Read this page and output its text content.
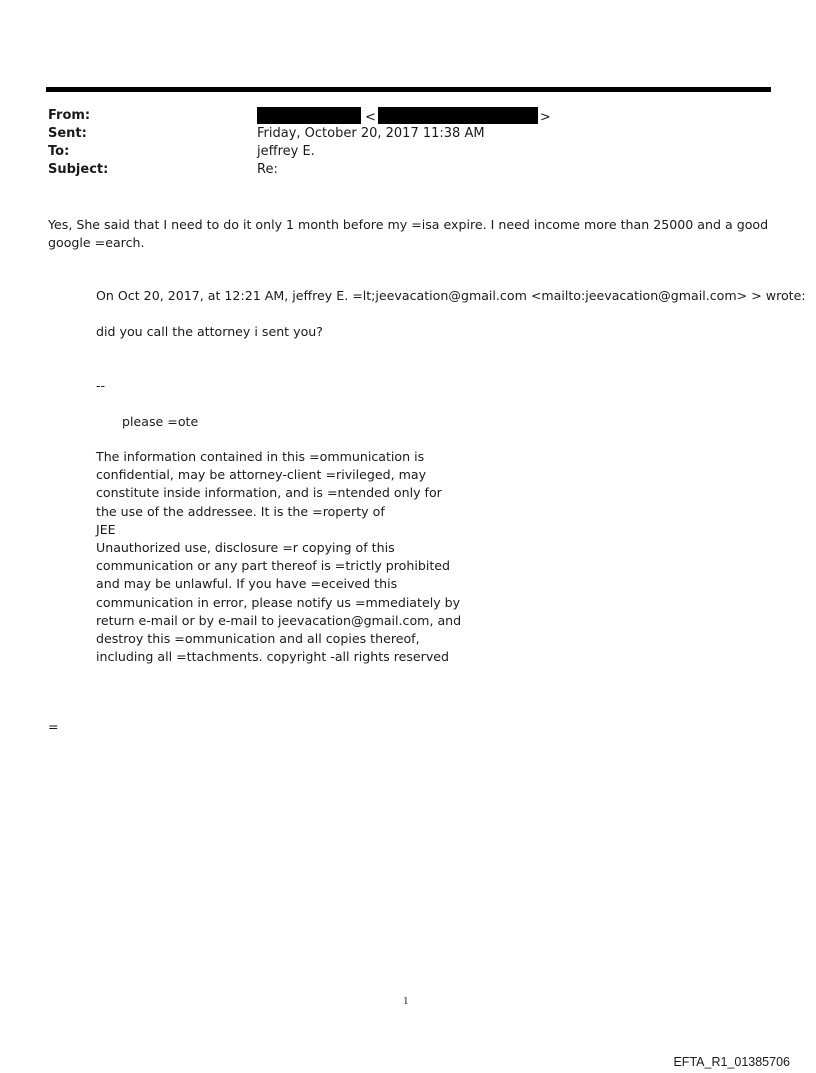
From:	<	>
Sent:	Friday, October 20, 2017 11:38 AM
To:	jeffrey E.
Subject:	Re:
Yes, She said that I need to do it only 1 month before my =isa expire. I need income more than 25000 and a good google =earch.
On Oct 20, 2017, at 12:21 AM, jeffrey E. =lt;jeevacation@gmail.com <mailto:jeevacation@gmail.com> > wrote:
did you call the attorney i sent you?
--
please =ote
The information contained in this =ommunication is
confidential, may be attorney-client =rivileged, may
constitute inside information, and is =ntended only for
the use of the addressee. It is the =roperty of
JEE
Unauthorized use, disclosure =r copying of this
communication or any part thereof is =trictly prohibited
and may be unlawful. If you have =eceived this
communication in error, please notify us =mmediately by
return e-mail or by e-mail to jeevacation@gmail.com, and
destroy this =ommunication and all copies thereof,
including all =ttachments. copyright -all rights reserved
=
1
EFTA_R1_01385706
